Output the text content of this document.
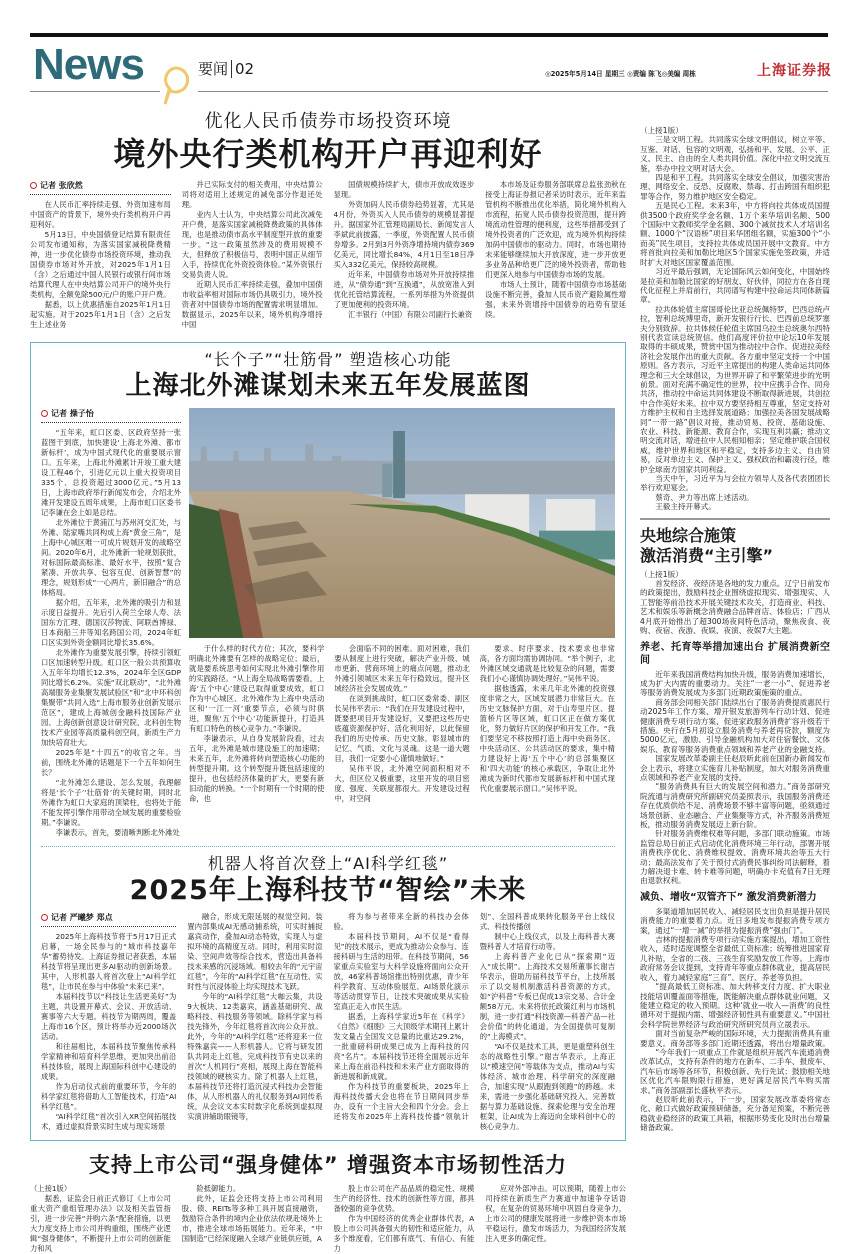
News	要闻 02	◎2025年5月14日 星期三 ◎责编 陈飞◎美编 周栋	上海证券报
优化人民币债券市场投资环境
境外央行类机构开户再迎利好
记者 张欣然

在人民币汇率持续走强、外资加速布局中国资产的背景下，境外央行类机构开户再迎利好。

5月13日，中央国债登记结算有限责任公司发布通知称，为落实国家减税降费精神，进一步优化债券市场投资环境，推动我国债券市场对外开放，对2025年1月1日（含）之后通过中国人民银行或银行间市场结算代理人在中央结算公司开户的境外央行类机构，全额免除500元/户的账户开户费。

据悉，以上优惠措施自2025年1月1日起实施。对于2025年1月1日（含）之后发生上述业务

并已实际支付的相关费用，中央结算公司将对适用上述规定的减免部分作退还处理。

业内人士认为，中央结算公司此次减免开户费，是落实国家减税降费政策的具体体现，也是推动债市高水平制度型开放的重要一步。“这一政策虽然涉及的费用规模不大，但释放了积极信号，表明中国正从细节入手，持续优化外资投资体验。”某外资银行交易负责人说。

近期人民币汇率持续走强，叠加中国债市收益率相对国际市场仍具吸引力，境外投资者对中国债券市场的配置需求明显增加。数据显示，2025年以来，境外机构净增持中国

国债规模持续扩大，债市开放成效逐步显现。

外资加码人民币债券趋势显著，尤其是4月份，外资买入人民币债券的规模显著提升。据国家外汇管理局副局长、新闻发言人李斌此前披露，一季度，外资配置人民币债券增多。2月到3月外资净增持境内债券369亿美元，同比增长84%，4月1日至18日净买入332亿美元，保持较高规模。

近年来，中国债券市场对外开放持续推进，从“债券通”到“互换通”，从放宽准入到优化托管结算流程，一系列举措为外资提供了更加便利的投资环境。

汇丰银行（中国）有限公司副行长兼资

本市场及证券服务部联席总监张劲秋在接受上海证券报记者采访时表示，近年来监管机构不断推出优化举措，简化境外机构入市流程，拓宽人民币债券投资范围，提升跨境流动性管理的便利度，这些举措都受到了境外投资者的广泛欢迎，成为境外机构持续加码中国债市的驱动力。同时，市场也期待未来能够继续加大开放深度，进一步开放更多业务品种给更广泛的境外投资者，帮助他们更深入地参与中国债券市场的发展。

市场人士预计，随着中国债券市场基础设施不断完善，叠加人民币资产避险属性增强，未来外资增持中国债券的趋势有望延续。

“长个子”“壮筋骨” 塑造核心功能
上海北外滩谋划未来五年发展蓝图
记者 操子怡

“五年来，虹口区委、区政府坚持一张蓝图干到底，加快建设‘上海北外滩、都市新标杆’，成为中国式现代化的重要展示窗口。五年来，上海北外滩累计开竣工重大建设工程46个，引进亿元以上重大投资项目335个、总投资超过3000亿元。”5月13日，上海市政府举行新闻发布会，介绍北外滩开发建设五周年成果，上海市虹口区委书记李谦在会上如是总结。

北外滩位于黄浦江与苏州河交汇处，与外滩、陆家嘴共同构成上海“黄金三角”，是上海中心城区唯一可成片规划开发的战略空间。2020年6月，北外滩新一轮规划获批，对标国际最高标准、最好水平，按照“复合紧凑、开放共享、包容互促、创新智慧”的理念，规划形成“一心两片，新旧融合”的总体格局。

据介绍，五年来，北外滩的吸引力和显示度日益提升。先后引入荷兰全球人寿、法国东方汇理、德国汉莎物流、阿联酋博禄、日本商船三井等知名跨国公司，2024年虹口区实到外资金额同比增长35.6%。

北外滩作为重要发展引擎，持续引领虹口区加速转型升级。虹口区一般公共预算收入五年年均增长12.3%，2024年全区GDP同比增长6.2%。实施“双北联动”，“北外滩高端服务业集聚发展试验区”和“北中环科创集聚带”共同入选“上海市服务业创新发展示范区”，建成上海城创金融科技国际产业园、上海创新创意设计研究院、北科创生物技术产业园等高质量科创空间，新质生产力加快培育壮大。

2025年是“十四五”的收官之年。当前，围绕北外滩的话题是下一个五年如何生长？

“北外滩怎么建设、怎么发展，我理解将是‘长个子’‘壮筋骨’的关键时期，同时北外滩作为虹口大家庭的顶梁柱，也将处于能不能发挥引擎作用带动全域发展的重要检验期。”李谦说。

李谦表示，首先，要清晰判断北外滩处

于什么样的时代方位；其次，要科学明确北外滩要有怎样的战略定位；最后，就是要系统思考如何实现北外滩引擎作用的实践路径。“从上海全局战略需要看，上海‘五个中心’建设已取得重要成效，虹口作为中心城区、北外滩作为上海中央活动区和‘一江一河’重要节点，必须与时俱进，聚焦‘五个中心’功能新提升，打造具有虹口特色的核心竞争力。”李谦说。

李谦表示，从自身发展阶段看，过去五年，北外滩是城市建设施工的加速期；未来五年，北外滩将转向塑造核心功能的转型提升期。这个转型提升既包括速度的提升，也包括经济体量的扩大，更要有新旧动能的转换。“一个时期有一个时期的使命，也

会面临不同的困难。面对困难，我们要从制度上进行突破，解决产业升级、城市更新、营商环境上的痛点问题，推动北外滩引领城区未来五年行稳致远，提升区域经济社会发展成效。”

在谈到挑战时，虹口区委常委、副区长吴伟平表示：“我们在开发建设过程中，既要把项目开发建设好，又要把这些历史底蕴资源保护好、活化利用好，以此保留我们的历史传承、历史文脉，彰显城市的记忆、气质、文化与灵魂。这是一道大题目，我们一定要小心谨慎地做好。”

吴伟平说，北外滩空间面积相对不大，但区位又极重要，这里开发的项目密度、强度、关联度都很大。开发建设过程中，对空间

要求、时序要求、技术要求也非常高，各方面均需协调协同。“举个例子，北外滩区域交通就是比较复杂的问题，需要我们小心谨慎协调处理好。”吴伟平说。

据他透露，未来几年北外滩的投资强度非常之大，区域发展潜力非常巨大。在历史文脉保护方面，对于山寿里片区、提篮桥片区等区域，虹口区正在做方案优化，努力做好片区的保护和开发工作。“我们要坚定不移按照打造上海中央商务区、中央活动区、公共活动区的要求，集中精力建设好上海‘五个中心’的总部集聚区和‘四大功能’的核心承载区，争取让北外滩成为新时代都市发展新标杆和中国式现代化重要展示窗口。”吴伟平说。

机器人将首次登上“AI科学红毯”
2025年上海科技节“智绘”未来
记者 严曦梦 郑点

2025年上海科技节将于5月17日正式启幕，一场全民参与的“城市科技嘉年华”蓄势待发。上海证券报记者获悉，本届科技节将呈现出更多AI驱动的创新场景。其中，人形机器人将首次登上“AI科学红毯”，让市民在参与中体验“未来已来”。

本届科技节以“科技让生活更美好”为主题，共设置开幕式、会议、开放活动、赛事等六大专题。科技节为期两周，覆盖上海市16个区，预计将举办近2000场次活动。

和往届相比，本届科技节聚焦传承科学家精神和培育科学思维，更加突出前沿科技体验，展现上海国际科创中心建设的成果。

作为启动仪式前的重要环节，今年的科学家红毯将借助人工智能技术，打造“AI科学红毯”。

“AI科学红毯”首次引入XR空间拓展技术，通过虚拟背景实时生成与现实场景

融合，形成无限延展的视觉空间。装置内部集成AI无感动捕系统，可实时捕捉嘉宾动作，叠加AI动态特效，实现人与虚拟环境的高精度互动。同时，利用实时渲染、空间声效等综合技术，营造出具备科技未来感的沉浸场域。相较去年的“元宇宙红毯”，今年的“AI科学红毯”在互动性、实时性与沉浸体验上均实现技术飞跃。

今年的“AI科学红毯”大咖云集，共设9大板块、12类嘉宾，涵盖基础研究、战略科技、科技服务等领域。除科学家与科技先锋外，今年红毯将首次向公众开放。此外，今年的“AI科学红毯”还将迎来一位特殊嘉宾——人形机器人。它将与研发团队共同走上红毯，完成科技节有史以来的首次“人机同行”亮相，展现上海在智能科技领域的硬核实力。除了机器人上红毯，本届科技节还将打造沉浸式科技办会智能体，从人形机器人的礼仪服务到AI同传系统，从会议文本实时数字化系统到虚拟现实演讲辅助眼镜等，

将为参与者带来全新的科技办会体验。

本届科技节期间，AI不仅是“看得见”的技术展示，更成为推动公众参与、连接科研与生活的纽带。在科技节期间，56家重点实验室与大科学设施将面向公众开放，46家科普场馆推出特别优惠，青少年科学教育、互动体验展览、AI场景化演示等活动贯穿节日，让技术突破成果从实验室真正走入市民生活。

据悉，上海科学家近5年在《科学》《自然》《细胞》三大顶级学术期刊上累计发文量占全国发文总量的比重达29.2%，一批重磅科研成果已成为上海科技的闪亮“名片”。本届科技节还将全面展示近年来上海在前沿科技和未来产业方面取得的新进展和新成就。

作为科技节的重要板块，2025年上海科技传播大会也将在节日期间同步举办，设有一个主旨大会和四个分会。会上还将发布2025年上海科技传播“领航计划”、全国科普成果转化服务平台上线仪式、科技传播创

制中心上线仪式，以及上海科普大赛暨科普人才培育行动等。

上海科普产业化已从“探索期”迈入“成长期”。上海技术交易所董事长谢吉华表示，借助历届科技节平台，上技所展示了以交易机制激活科普资源的方式，如“沪科普”专板已促成13宗交易、合计金额58万元。未来将依托政策红利与市场机制，进一步打通“科技资源—科普产品—社会价值”的转化通道，为全国提供可复制的“上海模式”。

“AI不仅是技术工具，更是重塑科创生态的战略性引擎。”谢吉华表示，上海正以“模速空间”等载体为支点，推动AI与实体经济、城市治理、科学研究的深度融合，加速实现“从跟跑到领跑”的跨越。未来，需进一步强化基础研究投入、完善数据与算力基础设施、探索伦理与安全治理框架，让AI成为上海迈向全球科创中心的核心竞争力。

支持上市公司“强身健体” 增强资本市场韧性活力

（上接1版）

据悉，证监会日前正式修订《上市公司重大资产重组管理办法》以及相关监管指引，进一步完善“并购六条”配套措施，以更大力度支持上市公司并购重组，围绕产业逻辑“强身健体”，不断提升上市公司的创新能力和风

险抵御能力。

此外，证监会还将支持上市公司利用股、债、REITs等多种工具开展直接融资，鼓励符合条件的境内企业依法依规赴境外上市，推进全球市场拓展能力。近年来，“中国制造”已经深度融入全球产业链供应链，A

股上市公司在产品品质的稳定性、规模生产的经济性、技术的创新性等方面，都具备较强的竞争优势。

作为中国经济的优秀企业群体代表，A股上市公司具备强大的韧性和适应能力，从多个维度看，它们都有底气、有信心、有能力

应对外部冲击。可以预期，随着上市公司持续在新质生产力赛道中加速争夺话语权，在复杂的贸易环境中巩固自身竞争力，上市公司的健康发展将进一步维护资本市场平稳运行，激发市场活力，为我国经济发展注入更多的确定性。

（上接1版）

三是文明工程。共同落实全球文明倡议，树立平等、互鉴、对话、包容的文明观，弘扬和平、发展、公平、正义、民主、自由的全人类共同价值。深化中拉文明交流互鉴，举办中拉文明对话大会。

四是和平工程。共同落实全球安全倡议，加强灾害治理、网络安全、反恐、反腐败、禁毒、打击跨国有组织犯罪等合作，努力维护地区安全稳定。

五是民心工程。未来3年，中方将向拉共体成员国提供3500个政府奖学金名额、1万个来华培训名额、500个国际中文教师奖学金名额、300个减贫技术人才培训名额、1000个“汉语桥”项目来华团组名额，实施300个“小而美”民生项目，支持拉共体成员国开展中文教育。中方将首批向拉美和加勒比地区5个国家实施免签政策，并适时扩大对地区国家覆盖范围。

习近平最后强调，无论国际风云如何变化，中国始终是拉美和加勒比国家的好朋友、好伙伴，同拉方在各自现代化征程上并肩前行，共同谱写构建中拉命运共同体新篇章。

拉共体轮值主席国哥伦比亚总统佩特罗，巴西总统卢拉，智利总统博里奇，新开发银行行长、巴西前总统罗塞夫分别致辞。拉共体候任轮值主席国乌拉圭总统奥尔西特别代表宣读总统贺信。他们高度评价拉中论坛10年发展取得的丰硕成果，赞赏中国为推动拉中合作、促进拉美经济社会发展作出的重大贡献。各方重申坚定支持一个中国原则。各方表示，习近平主席提出的构建人类命运共同体理念和三大全球倡议，为世界开辟了和平繁荣进步的光明前景。面对充满不确定性的世界，拉中应携手合作、同舟共济，推动拉中命运共同体建设不断取得新进展，共创拉中合作美好未来。拉中双方要坚持相互尊重，坚定支持对方维护主权和自主选择发展道路；加强拉美各国发展战略同“一带一路”倡议对接，推动贸易、投资、基础设施、农业、科技、新能源、教育合作，实现互利共赢；推动文明交流对话，增进拉中人民相知相亲；坚定维护联合国权威，维护世界和地区和平稳定，支持多边主义、自由贸易，反对单边主义、保护主义、强权政治和霸凌行径，维护全球南方国家共同利益。

当天中午，习近平为与会拉方领导人及各代表团团长举行欢迎宴会。

蔡奇、尹力等出席上述活动。

王毅主持开幕式。

央地综合施策
激活消费“主引擎”

（上接1版）

首发经济、夜经济是各地的发力重点。辽宁日前发布的政策提出，鼓励科技企业围绕虚拟现实、增强现实、人工智能等前沿技术开展关键技术攻关，打造商业、科技、艺术和娱乐等新概念消费融合品牌首店、体验店；广西从4月底开始推出了超300场夜间特色活动，聚焦夜食、夜购、夜宿、夜游、夜娱、夜演、夜娱7大主题。

养老、托育等举措加速出台 扩展消费新空间

近年来我国消费结构加快升级，服务消费加速增长，成为扩大内需的重要动力。关注“一老一小”、促进养老等服务消费发展成为多部门近期政策施策的重点。

商务部会同相关部门陆续出台了服务消费提质惠民行动2025年工作方案、增开银发旅游列车行动计划、促进健康消费专项行动方案、促进家政服务消费扩容升级若干措施。央行在5月初设立服务消费与养老再贷款，额度为5000亿元，激励、引导金融机构加大对住宿餐饮、文体娱乐、教育等服务消费重点领域和养老产业的金融支持。

国家发展改革委副主任赵辰昕此前在国新办新闻发布会上表示，将建立实施育儿补贴制度，加大对服务消费重点领域和养老产业发展的支持。

“服务消费具有巨大的发展空间和潜力。”商务部研究院流通与消费研究所副研究员姜照表示，我国服务消费还存在优质供给不足、消费场景不够丰富等问题，亟须通过场景创新、业态融合、产业集聚等方式，补齐服务消费短板，推动服务消费发展迈上新台阶。

针对服务消费维权难等问题，多部门联动施策。市场监管总局日前正式启动优化消费环境三年行动，部署开展消费秩序优化、消费维权提效、消费环境共治等五大行动；最高法发布了关于预付式消费民事纠纷司法解释，着力解决退卡难、转卡难等问题，明确办卡充值有7日无理由退款权利。

减负、增收“双管齐下” 激发消费新潜力

多渠道增加居民收入、减轻居民支出负担是提升居民消费能力的重要着力点。近日多地发布提振消费专项方案，通过“一增一减”的举措为提振消费“强由门”。

吉林的提振消费专项行动实施方案提出，增加工资性收入，适时适度调整全省最低工资标准；统筹推进国家育儿补贴，全省的二孩、三孩生育奖励发放工作等。上海市政府常务会议提到，支持青年等重点群体就业，提高居民收入，着力减轻家庭“三育”、医疗、养老等负担。

“提高最低工资标准、加大转移支付力度、扩大职业技能培训覆盖面等措施，既能解决重点群体就业问题，又能建立稳定的收入预期。这种‘就业—收入—消费’的良性循环对于提振内需、增强经济韧性具有重要意义。”中国社会科学院世界经济与政治研究所研究员肖立晟表示。

面对当前复杂严峻的国际环境，大力提振消费具有重要意义。商务部等多部门近期还透露，将出台增量政策。

“今年我们一项重点工作就是组织开展汽车流通消费改革试点，支持有条件的地方在新车、二手车、报废车、汽车后市场等各环节，积极创新、先行先试；鼓励相关地区优化汽车限购限行措施，更好满足居民汽车购买需求。”商务部副部长盛秋平表示。

赵辰昕此前表示，下一步，国家发展改革委将常态化、敞口式做好政策预研储备，充分备足预案，不断完善稳就业稳经济的政策工具箱，根据形势变化及时出台增量储备政策。
